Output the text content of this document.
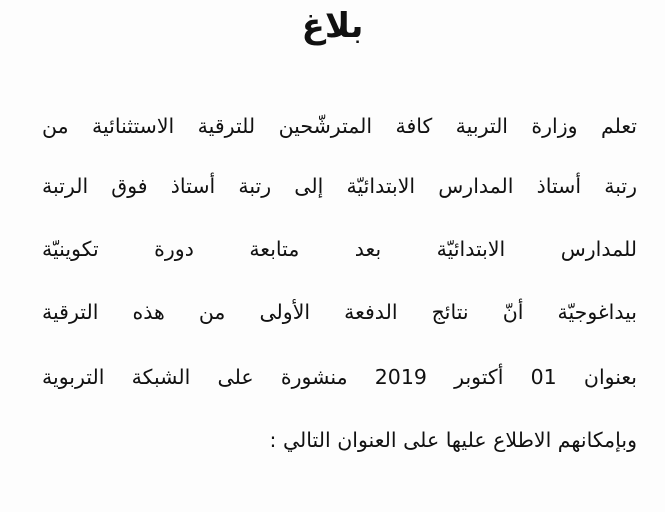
بلاغ
تعلم وزارة التربية كافة المترشّحين للترقية الاستثنائية من
رتبة أستاذ المدارس الابتدائيّة إلى رتبة أستاذ فوق الرتبة
للمدارس الابتدائيّة بعد متابعة دورة تكوينيّة
بيداغوجيّة أنّ نتائج الدفعة الأولى من هذه الترقية
بعنوان 01 أكتوبر 2019 منشورة على الشبكة التربوية
وبإمكانهم الاطلاع عليها على العنوان التالي :
